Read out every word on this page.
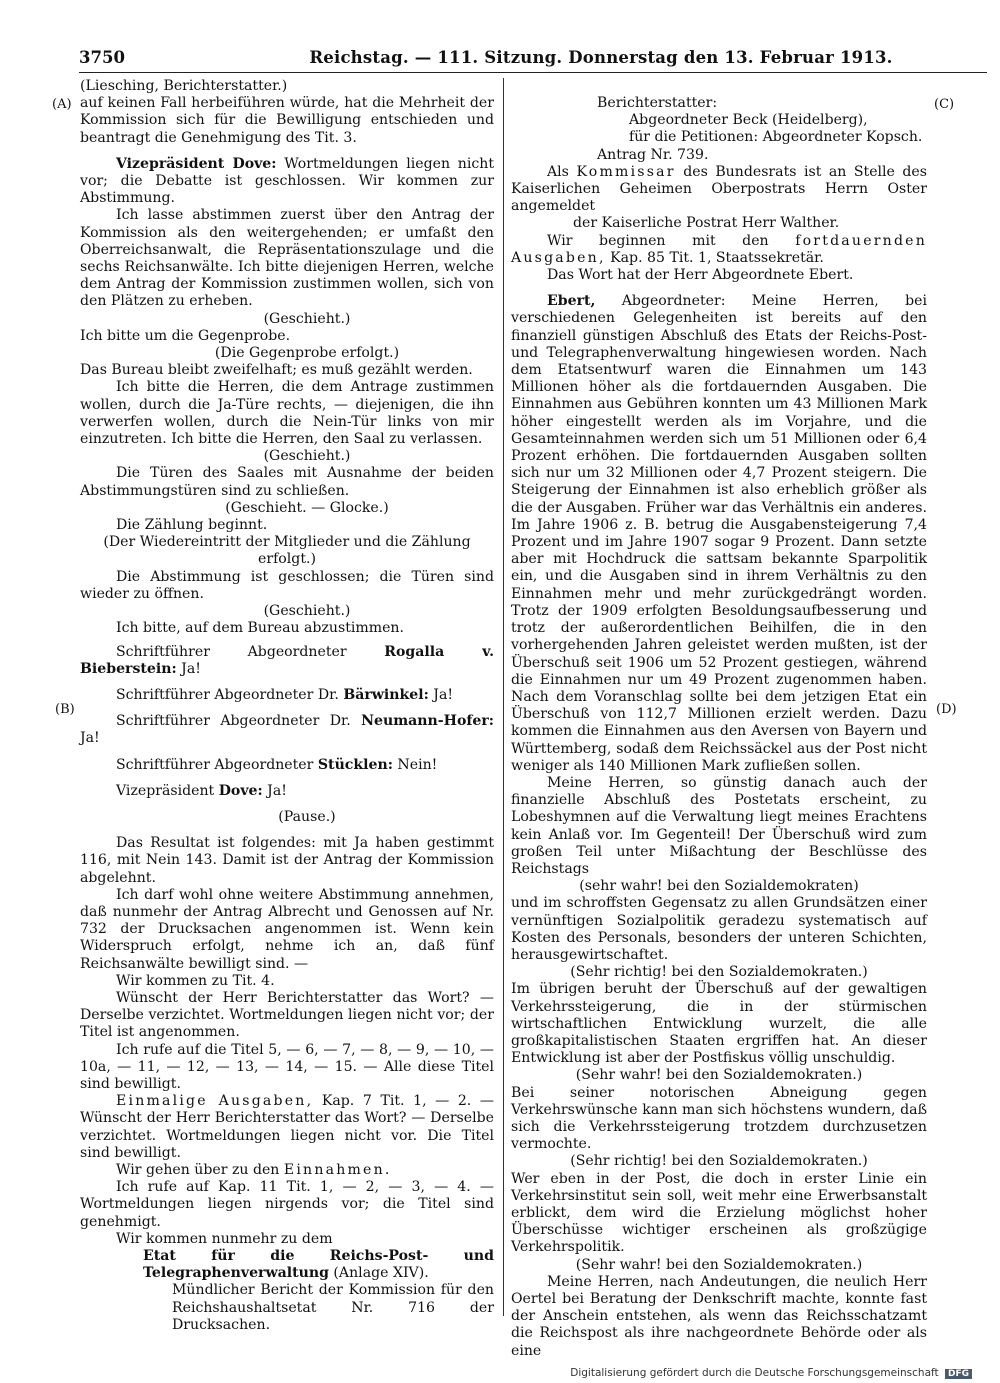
3750	Reichstag. — 111. Sitzung. Donnerstag den 13. Februar 1913.
(A)
(B)
(C)
(D)

(Liesching, Berichterstatter.)

auf keinen Fall herbeiführen würde, hat die Mehrheit der Kommission sich für die Bewilligung entschieden und beantragt die Genehmigung des Tit. 3.

Vizepräsident Dove: Wortmeldungen liegen nicht vor; die Debatte ist geschlossen. Wir kommen zur Abstimmung.

Ich lasse abstimmen zuerst über den Antrag der Kommission als den weitergehenden; er umfaßt den Oberreichsanwalt, die Repräsentationszulage und die sechs Reichsanwälte. Ich bitte diejenigen Herren, welche dem Antrag der Kommission zustimmen wollen, sich von den Plätzen zu erheben.

(Geschieht.)

Ich bitte um die Gegenprobe.

(Die Gegenprobe erfolgt.)

Das Bureau bleibt zweifelhaft; es muß gezählt werden.

Ich bitte die Herren, die dem Antrage zustimmen wollen, durch die Ja-Türe rechts, — diejenigen, die ihn verwerfen wollen, durch die Nein-Tür links von mir einzutreten. Ich bitte die Herren, den Saal zu verlassen.

(Geschieht.)

Die Türen des Saales mit Ausnahme der beiden Abstimmungstüren sind zu schließen.

(Geschieht. — Glocke.)

Die Zählung beginnt.

(Der Wiedereintritt der Mitglieder und die Zählung erfolgt.)

Die Abstimmung ist geschlossen; die Türen sind wieder zu öffnen.

(Geschieht.)

Ich bitte, auf dem Bureau abzustimmen.

Schriftführer Abgeordneter Rogalla v. Bieberstein: Ja!

Schriftführer Abgeordneter Dr. Bärwinkel: Ja!

Schriftführer Abgeordneter Dr. Neumann-Hofer: Ja!

Schriftführer Abgeordneter Stücklen: Nein!

Vizepräsident Dove: Ja!

(Pause.)

Das Resultat ist folgendes: mit Ja haben gestimmt 116, mit Nein 143. Damit ist der Antrag der Kommission abgelehnt.

Ich darf wohl ohne weitere Abstimmung annehmen, daß nunmehr der Antrag Albrecht und Genossen auf Nr. 732 der Drucksachen angenommen ist. Wenn kein Widerspruch erfolgt, nehme ich an, daß fünf Reichsanwälte bewilligt sind. —

Wir kommen zu Tit. 4.

Wünscht der Herr Berichterstatter das Wort? — Derselbe verzichtet. Wortmeldungen liegen nicht vor; der Titel ist angenommen.

Ich rufe auf die Titel 5, — 6, — 7, — 8, — 9, — 10, — 10a, — 11, — 12, — 13, — 14, — 15. — Alle diese Titel sind bewilligt.

Einmalige Ausgaben, Kap. 7 Tit. 1, — 2. — Wünscht der Herr Berichterstatter das Wort? — Derselbe verzichtet. Wortmeldungen liegen nicht vor. Die Titel sind bewilligt.

Wir gehen über zu den Einnahmen.

Ich rufe auf Kap. 11 Tit. 1, — 2, — 3, — 4. — Wortmeldungen liegen nirgends vor; die Titel sind genehmigt.

Wir kommen nunmehr zu dem

Etat für die Reichs-Post- und Telegraphenverwaltung (Anlage XIV).

Mündlicher Bericht der Kommission für den Reichshaushaltsetat Nr. 716 der Drucksachen.

Berichterstatter:

Abgeordneter Beck (Heidelberg),

für die Petitionen: Abgeordneter Kopsch.

Antrag Nr. 739.

Als Kommissar des Bundesrats ist an Stelle des Kaiserlichen Geheimen Oberpostrats Herrn Oster angemeldet

der Kaiserliche Postrat Herr Walther.

Wir beginnen mit den fortdauernden Ausgaben, Kap. 85 Tit. 1, Staatssekretär.

Das Wort hat der Herr Abgeordnete Ebert.

Ebert, Abgeordneter: Meine Herren, bei verschiedenen Gelegenheiten ist bereits auf den finanziell günstigen Abschluß des Etats der Reichs-Post- und Telegraphenverwaltung hingewiesen worden. Nach dem Etatsentwurf waren die Einnahmen um 143 Millionen höher als die fortdauernden Ausgaben. Die Einnahmen aus Gebühren konnten um 43 Millionen Mark höher eingestellt werden als im Vorjahre, und die Gesamteinnahmen werden sich um 51 Millionen oder 6,4 Prozent erhöhen. Die fortdauernden Ausgaben sollten sich nur um 32 Millionen oder 4,7 Prozent steigern. Die Steigerung der Einnahmen ist also erheblich größer als die der Ausgaben. Früher war das Verhältnis ein anderes. Im Jahre 1906 z. B. betrug die Ausgabensteigerung 7,4 Prozent und im Jahre 1907 sogar 9 Prozent. Dann setzte aber mit Hochdruck die sattsam bekannte Sparpolitik ein, und die Ausgaben sind in ihrem Verhältnis zu den Einnahmen mehr und mehr zurückgedrängt worden. Trotz der 1909 erfolgten Besoldungsaufbesserung und trotz der außerordentlichen Beihilfen, die in den vorhergehenden Jahren geleistet werden mußten, ist der Überschuß seit 1906 um 52 Prozent gestiegen, während die Einnahmen nur um 49 Prozent zugenommen haben. Nach dem Voranschlag sollte bei dem jetzigen Etat ein Überschuß von 112,7 Millionen erzielt werden. Dazu kommen die Einnahmen aus den Aversen von Bayern und Württemberg, sodaß dem Reichssäckel aus der Post nicht weniger als 140 Millionen Mark zufließen sollen.

Meine Herren, so günstig danach auch der finanzielle Abschluß des Postetats erscheint, zu Lobeshymnen auf die Verwaltung liegt meines Erachtens kein Anlaß vor. Im Gegenteil! Der Überschuß wird zum großen Teil unter Mißachtung der Beschlüsse des Reichstags

(sehr wahr! bei den Sozialdemokraten)

und im schroffsten Gegensatz zu allen Grundsätzen einer vernünftigen Sozialpolitik geradezu systematisch auf Kosten des Personals, besonders der unteren Schichten, herausgewirtschaftet.

(Sehr richtig! bei den Sozialdemokraten.)

Im übrigen beruht der Überschuß auf der gewaltigen Verkehrssteigerung, die in der stürmischen wirtschaftlichen Entwicklung wurzelt, die alle großkapitalistischen Staaten ergriffen hat. An dieser Entwicklung ist aber der Postfiskus völlig unschuldig.

(Sehr wahr! bei den Sozialdemokraten.)

Bei seiner notorischen Abneigung gegen Verkehrswünsche kann man sich höchstens wundern, daß sich die Verkehrssteigerung trotzdem durchzusetzen vermochte.

(Sehr richtig! bei den Sozialdemokraten.)

Wer eben in der Post, die doch in erster Linie ein Verkehrsinstitut sein soll, weit mehr eine Erwerbsanstalt erblickt, dem wird die Erzielung möglichst hoher Überschüsse wichtiger erscheinen als großzügige Verkehrspolitik.

(Sehr wahr! bei den Sozialdemokraten.)

Meine Herren, nach Andeutungen, die neulich Herr Oertel bei Beratung der Denkschrift machte, konnte fast der Anschein entstehen, als wenn das Reichsschatzamt die Reichspost als ihre nachgeordnete Behörde oder als eine

Digitalisierung gefördert durch die Deutsche Forschungsgemeinschaft DFG
